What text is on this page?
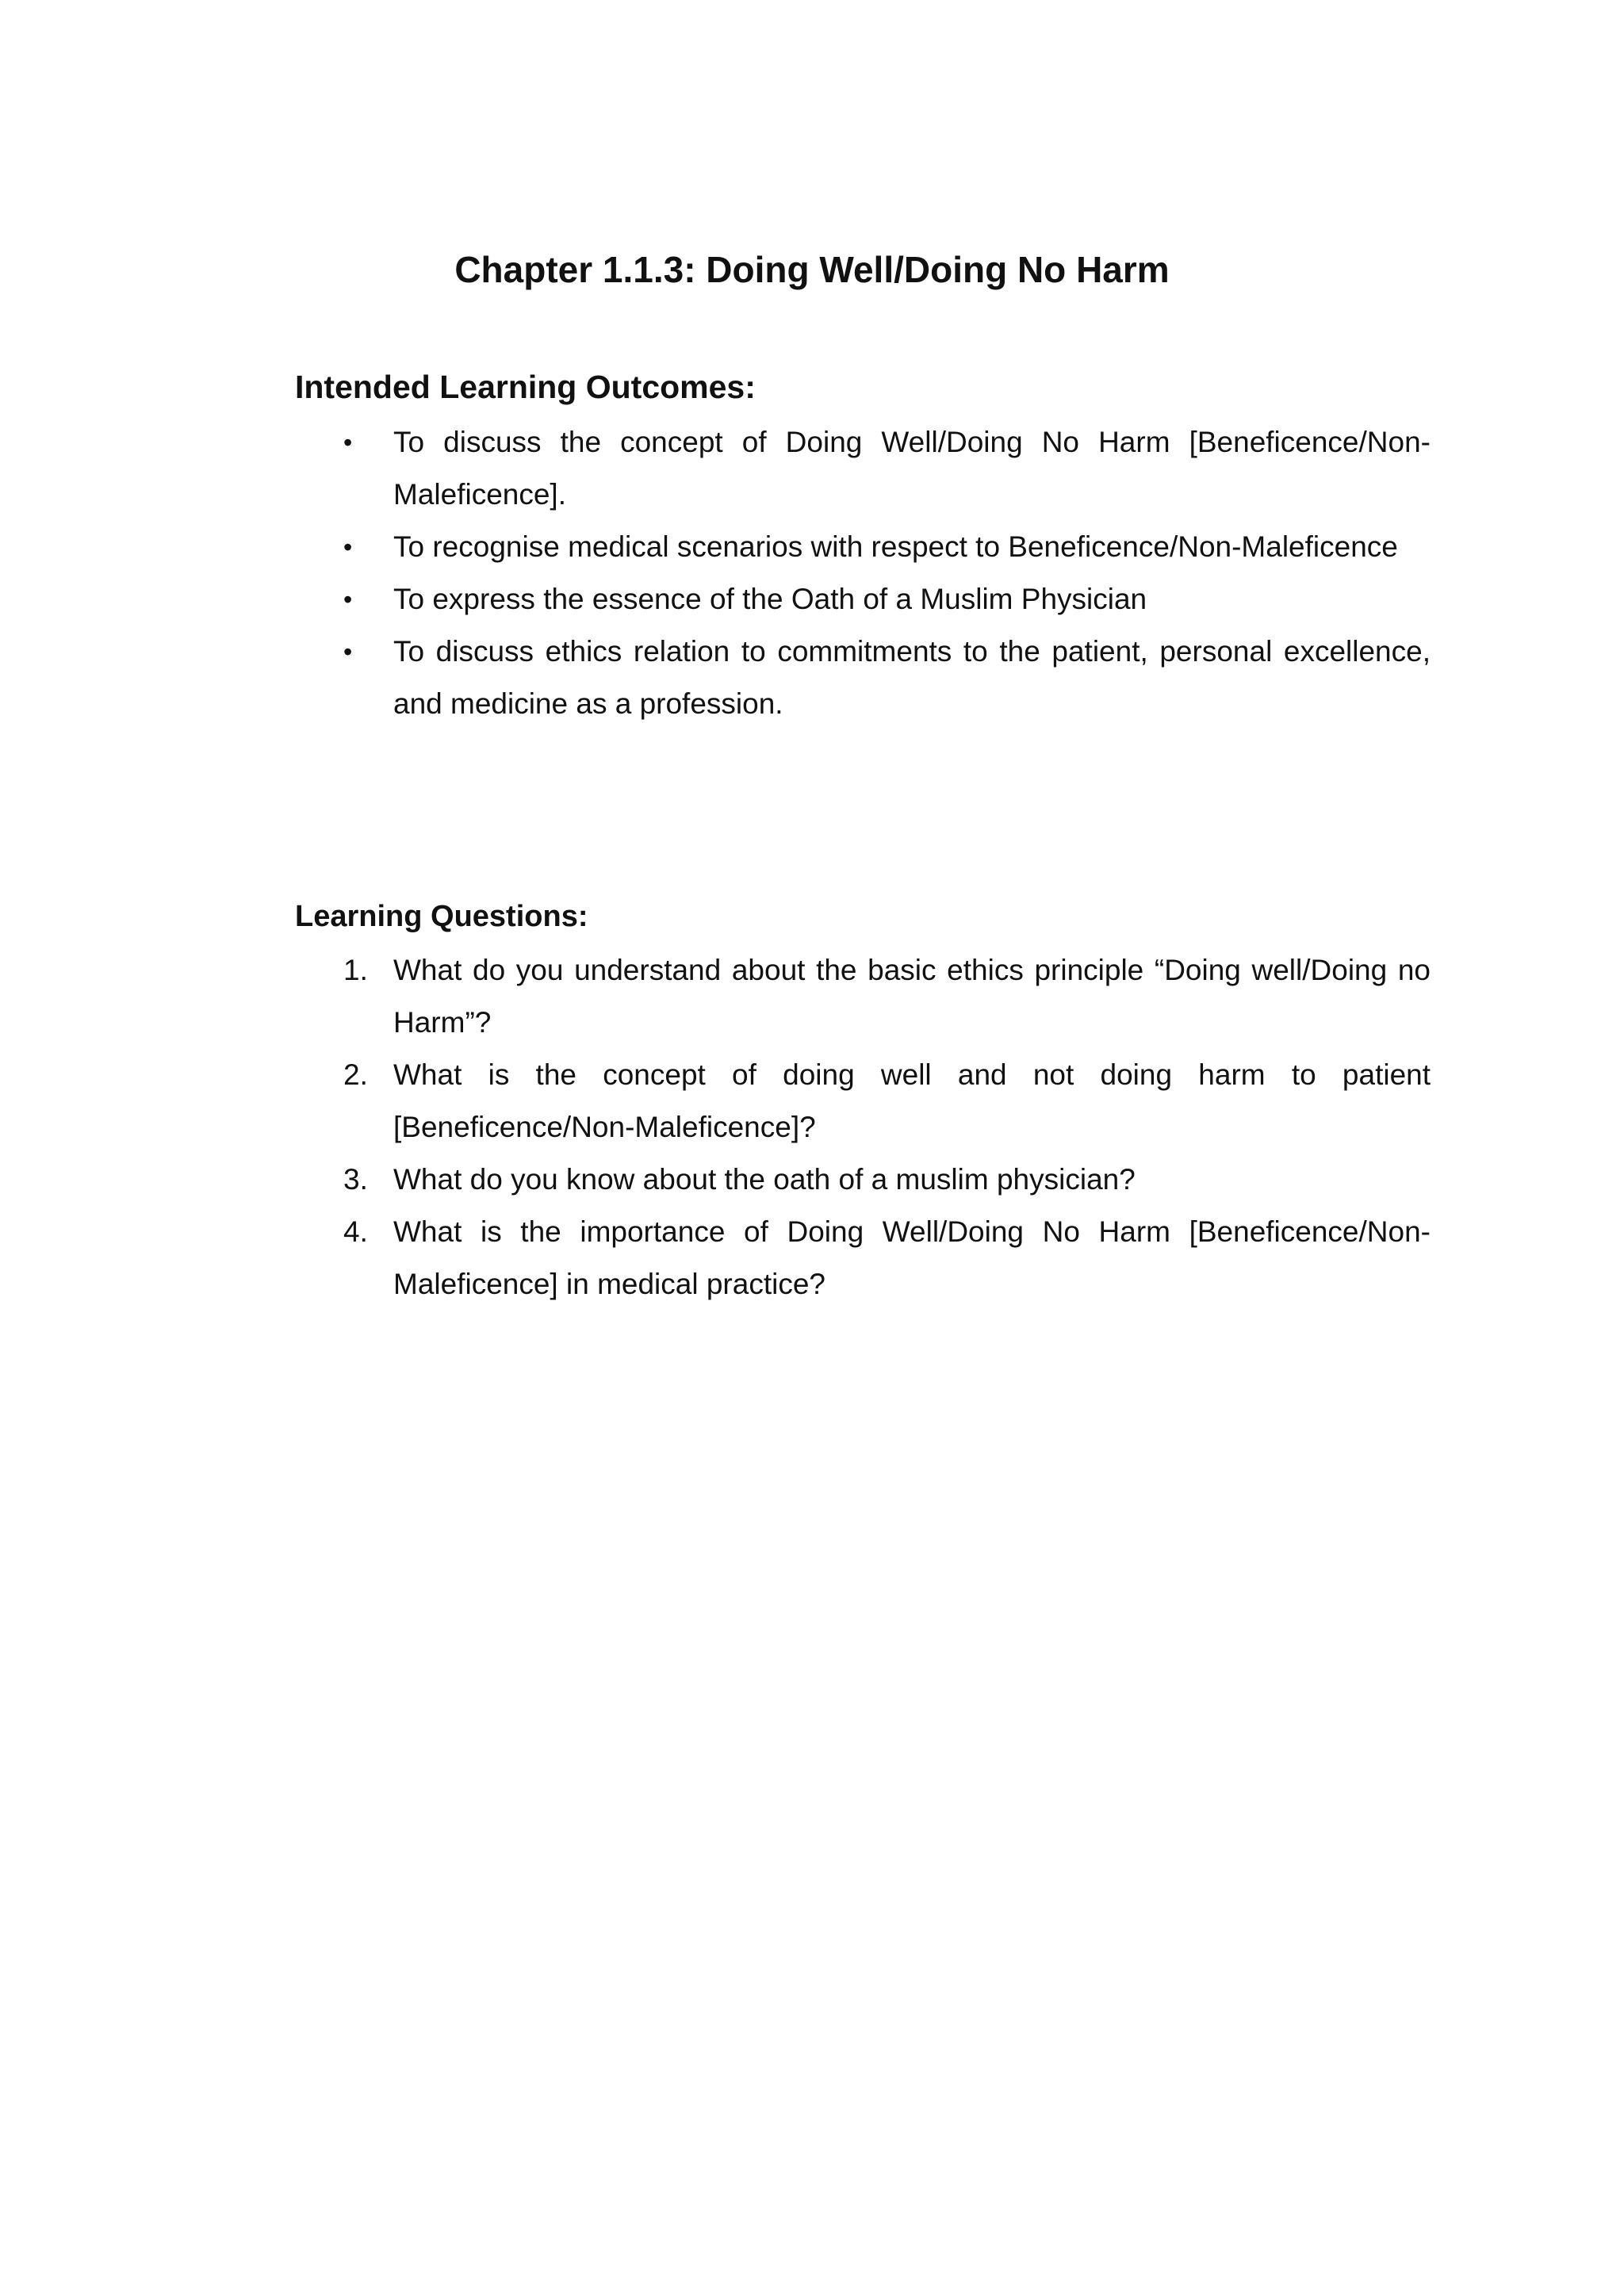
Chapter 1.1.3: Doing Well/Doing No Harm
Intended Learning Outcomes:
• To discuss the concept of Doing Well/Doing No Harm [Beneficence/Non-Maleficence].
• To recognise medical scenarios with respect to Beneficence/Non-Maleficence
• To express the essence of the Oath of a Muslim Physician
• To discuss ethics relation to commitments to the patient, personal excellence, and medicine as a profession.
Learning Questions:
1. What do you understand about the basic ethics principle “Doing well/Doing no Harm”?
2. What is the concept of doing well and not doing harm to patient [Beneficence/Non-Maleficence]?
3. What do you know about the oath of a muslim physician?
4. What is the importance of Doing Well/Doing No Harm [Beneficence/Non-Maleficence] in medical practice?
